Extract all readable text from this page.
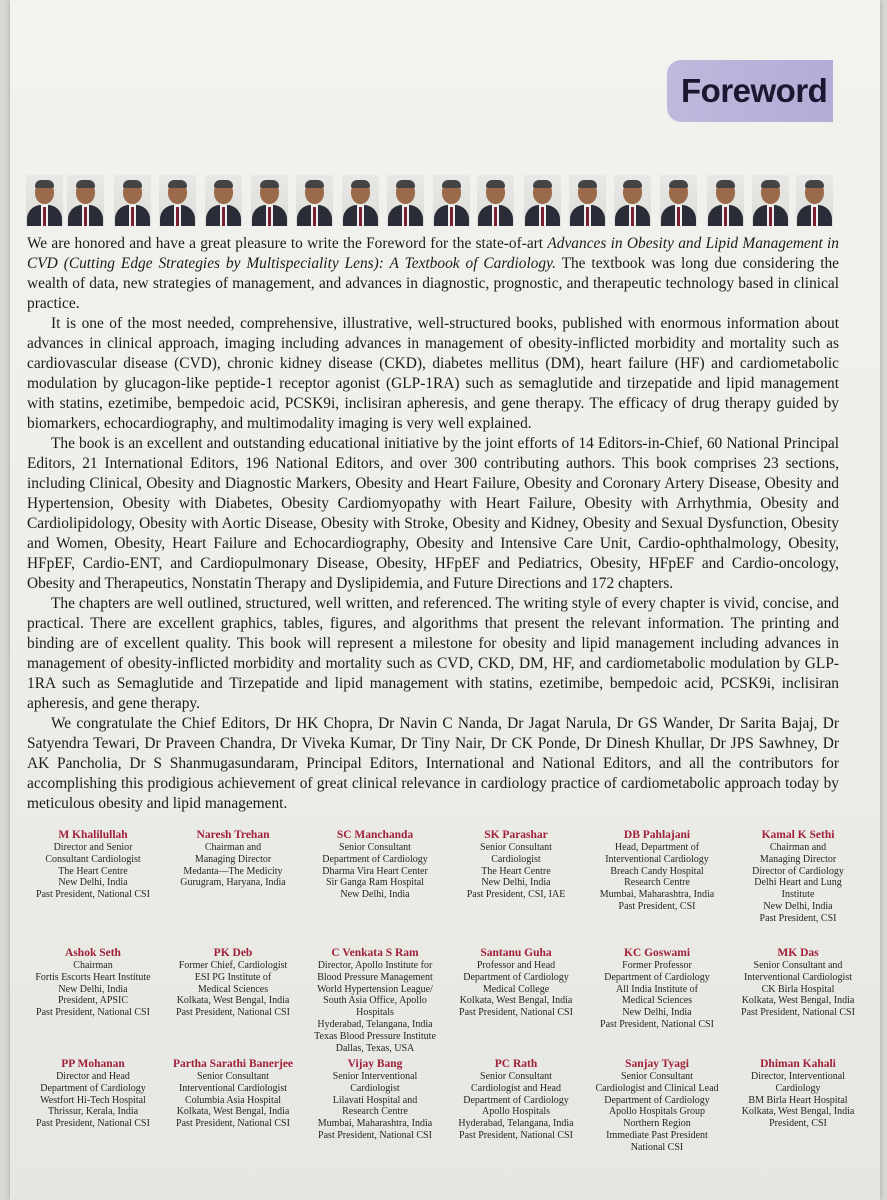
Foreword

We are honored and have a great pleasure to write the Foreword for the state-of-art Advances in Obesity and Lipid Management in CVD (Cutting Edge Strategies by Multispeciality Lens): A Textbook of Cardiology. The textbook was long due considering the wealth of data, new strategies of management, and advances in diagnostic, prognostic, and therapeutic technology based in clinical practice.

It is one of the most needed, comprehensive, illustrative, well-structured books, published with enormous information about advances in clinical approach, imaging including advances in management of obesity-inflicted morbidity and mortality such as cardiovascular disease (CVD), chronic kidney disease (CKD), diabetes mellitus (DM), heart failure (HF) and cardiometabolic modulation by glucagon-like peptide-1 receptor agonist (GLP-1RA) such as semaglutide and tirzepatide and lipid management with statins, ezetimibe, bempedoic acid, PCSK9i, inclisiran apheresis, and gene therapy. The efficacy of drug therapy guided by biomarkers, echocardiography, and multimodality imaging is very well explained.

The book is an excellent and outstanding educational initiative by the joint efforts of 14 Editors-in-Chief, 60 National Principal Editors, 21 International Editors, 196 National Editors, and over 300 contributing authors. This book comprises 23 sections, including Clinical, Obesity and Diagnostic Markers, Obesity and Heart Failure, Obesity and Coronary Artery Disease, Obesity and Hypertension, Obesity with Diabetes, Obesity Cardiomyopathy with Heart Failure, Obesity with Arrhythmia, Obesity and Cardiolipidology, Obesity with Aortic Disease, Obesity with Stroke, Obesity and Kidney, Obesity and Sexual Dysfunction, Obesity and Women, Obesity, Heart Failure and Echocardiography, Obesity and Intensive Care Unit, Cardio-ophthalmology, Obesity, HFpEF, Cardio-ENT, and Cardiopulmonary Disease, Obesity, HFpEF and Pediatrics, Obesity, HFpEF and Cardio-oncology, Obesity and Therapeutics, Nonstatin Therapy and Dyslipidemia, and Future Directions and 172 chapters.

The chapters are well outlined, structured, well written, and referenced. The writing style of every chapter is vivid, concise, and practical. There are excellent graphics, tables, figures, and algorithms that present the relevant information. The printing and binding are of excellent quality. This book will represent a milestone for obesity and lipid management including advances in management of obesity-inflicted morbidity and mortality such as CVD, CKD, DM, HF, and cardiometabolic modulation by GLP-1RA such as Semaglutide and Tirzepatide and lipid management with statins, ezetimibe, bempedoic acid, PCSK9i, inclisiran apheresis, and gene therapy.

We congratulate the Chief Editors, Dr HK Chopra, Dr Navin C Nanda, Dr Jagat Narula, Dr GS Wander, Dr Sarita Bajaj, Dr Satyendra Tewari, Dr Praveen Chandra, Dr Viveka Kumar, Dr Tiny Nair, Dr CK Ponde, Dr Dinesh Khullar, Dr JPS Sawhney, Dr AK Pancholia, Dr S Shanmugasundaram, Principal Editors, International and National Editors, and all the contributors for accomplishing this prodigious achievement of great clinical relevance in cardiology practice of cardiometabolic approach today by meticulous obesity and lipid management.

M Khalilullah
Director and Senior
Consultant Cardiologist
The Heart Centre
New Delhi, India
Past President, National CSI
Naresh Trehan
Chairman and
Managing Director
Medanta—The Medicity
Gurugram, Haryana, India
SC Manchanda
Senior Consultant
Department of Cardiology
Dharma Vira Heart Center
Sir Ganga Ram Hospital
New Delhi, India
SK Parashar
Senior Consultant
Cardiologist
The Heart Centre
New Delhi, India
Past President, CSI, IAE
DB Pahlajani
Head, Department of
Interventional Cardiology
Breach Candy Hospital
Research Centre
Mumbai, Maharashtra, India
Past President, CSI
Kamal K Sethi
Chairman and
Managing Director
Director of Cardiology
Delhi Heart and Lung
Institute
New Delhi, India
Past President, CSI
Ashok Seth
Chairman
Fortis Escorts Heart Institute
New Delhi, India
President, APSIC
Past President, National CSI
PK Deb
Former Chief, Cardiologist
ESI PG Institute of
Medical Sciences
Kolkata, West Bengal, India
Past President, National CSI
C Venkata S Ram
Director, Apollo Institute for
Blood Pressure Management
World Hypertension League/
South Asia Office, Apollo Hospitals
Hyderabad, Telangana, India
Texas Blood Pressure Institute
Dallas, Texas, USA
Santanu Guha
Professor and Head
Department of Cardiology
Medical College
Kolkata, West Bengal, India
Past President, National CSI
KC Goswami
Former Professor
Department of Cardiology
All India Institute of
Medical Sciences
New Delhi, India
Past President, National CSI
MK Das
Senior Consultant and
Interventional Cardiologist
CK Birla Hospital
Kolkata, West Bengal, India
Past President, National CSI
PP Mohanan
Director and Head
Department of Cardiology
Westfort Hi-Tech Hospital
Thrissur, Kerala, India
Past President, National CSI
Partha Sarathi Banerjee
Senior Consultant
Interventional Cardiologist
Columbia Asia Hospital
Kolkata, West Bengal, India
Past President, National CSI
Vijay Bang
Senior Interventional
Cardiologist
Lilavati Hospital and
Research Centre
Mumbai, Maharashtra, India
Past President, National CSI
PC Rath
Senior Consultant
Cardiologist and Head
Department of Cardiology
Apollo Hospitals
Hyderabad, Telangana, India
Past President, National CSI
Sanjay Tyagi
Senior Consultant
Cardiologist and Clinical Lead
Department of Cardiology
Apollo Hospitals Group
Northern Region
Immediate Past President
National CSI
Dhiman Kahali
Director, Interventional
Cardiology
BM Birla Heart Hospital
Kolkata, West Bengal, India
President, CSI
